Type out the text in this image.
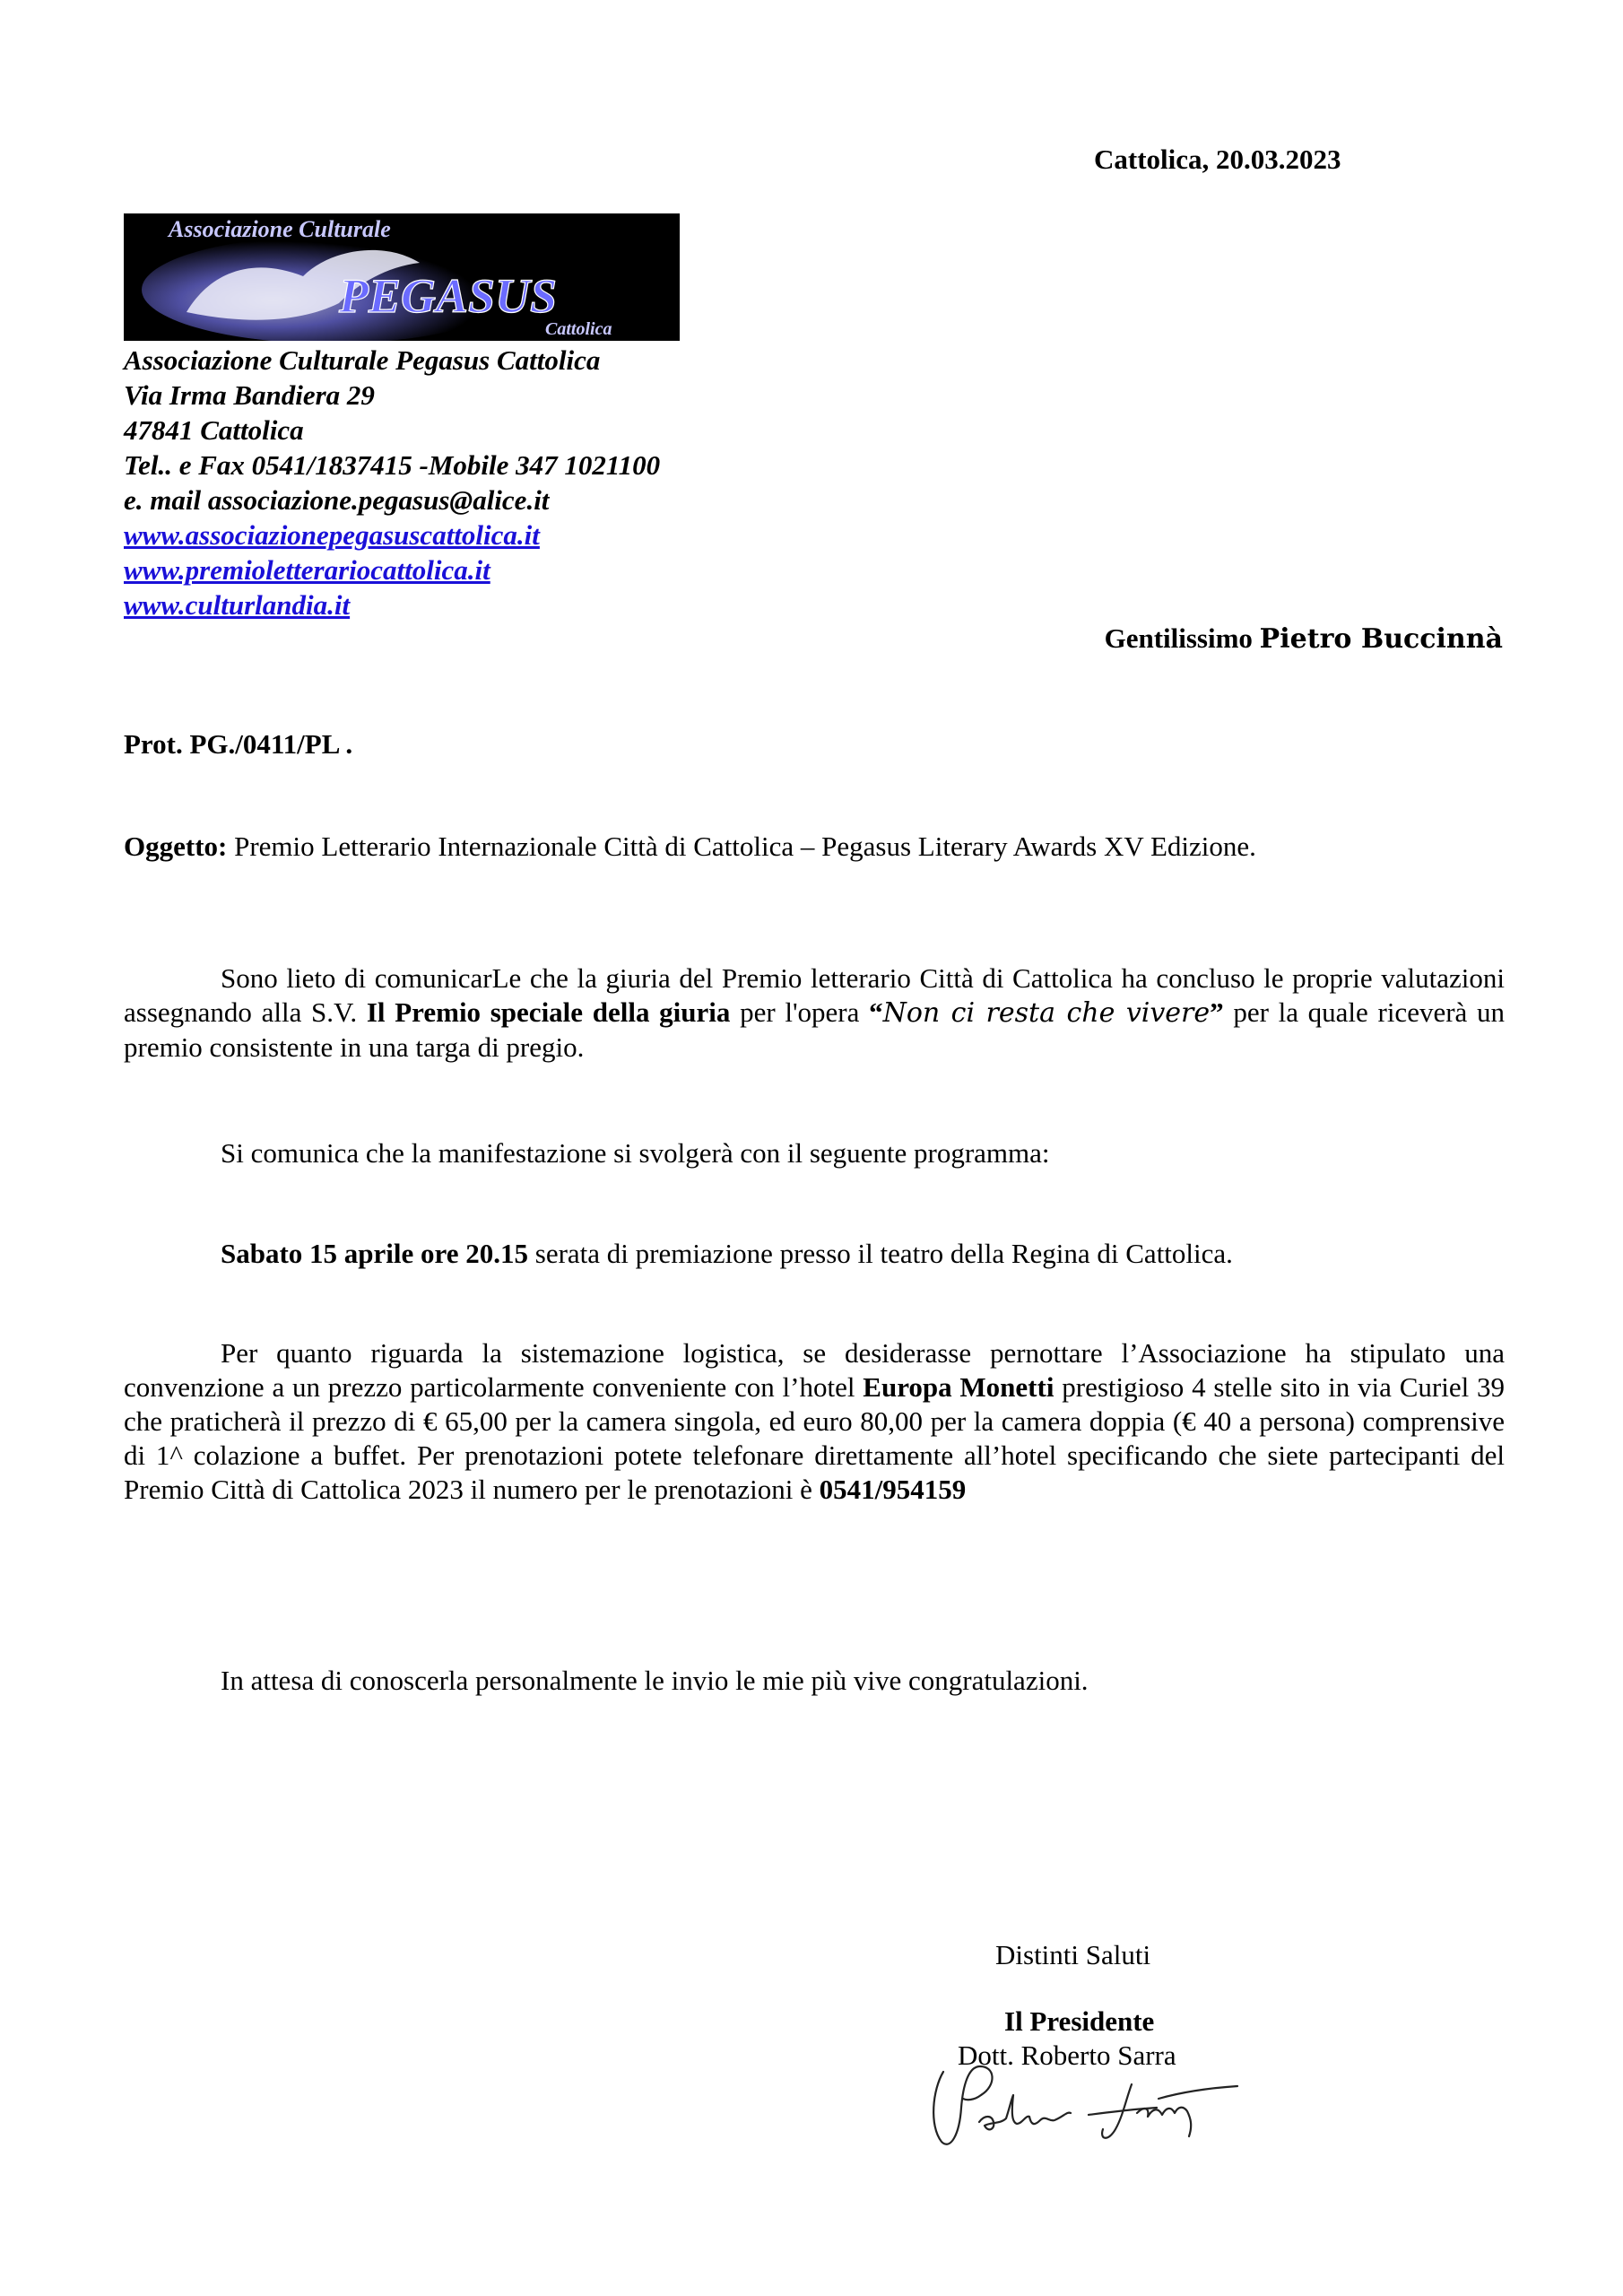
Cattolica, 20.03.2023
Associazione Culturale
PEGASUS
Cattolica
Associazione Culturale Pegasus Cattolica
Via Irma Bandiera 29
47841 Cattolica
Tel.. e Fax 0541/1837415 -Mobile 347 1021100
e. mail associazione.pegasus@alice.it
www.associazionepegasuscattolica.it
www.premioletterariocattolica.it
www.culturlandia.it
Gentilissimo Pietro Buccinnà
Prot. PG./0411/PL .
Oggetto: Premio Letterario Internazionale Città di Cattolica – Pegasus Literary Awards XV Edizione.
Sono lieto di comunicarLe che la giuria del Premio letterario Città di Cattolica ha concluso le proprie valutazioni assegnando alla S.V. Il Premio speciale della giuria per l'opera “Non ci resta che vivere” per la quale riceverà un premio consistente in una targa di pregio.
Si comunica che la manifestazione si svolgerà con il seguente programma:
Sabato 15 aprile ore 20.15 serata di premiazione presso il teatro della Regina di Cattolica.
Per quanto riguarda la sistemazione logistica, se desiderasse pernottare l’Associazione ha stipulato una convenzione a un prezzo particolarmente conveniente con l’hotel Europa Monetti prestigioso 4 stelle sito in via Curiel 39 che praticherà il prezzo di € 65,00 per la camera singola, ed euro 80,00 per la camera doppia (€ 40 a persona) comprensive di 1^ colazione a buffet. Per prenotazioni potete telefonare direttamente all’hotel specificando che siete partecipanti del Premio Città di Cattolica 2023 il numero per le prenotazioni è 0541/954159
In attesa di conoscerla personalmente le invio le mie più vive congratulazioni.
Distinti Saluti
Il Presidente
Dott. Roberto Sarra
Roberto Sarra
